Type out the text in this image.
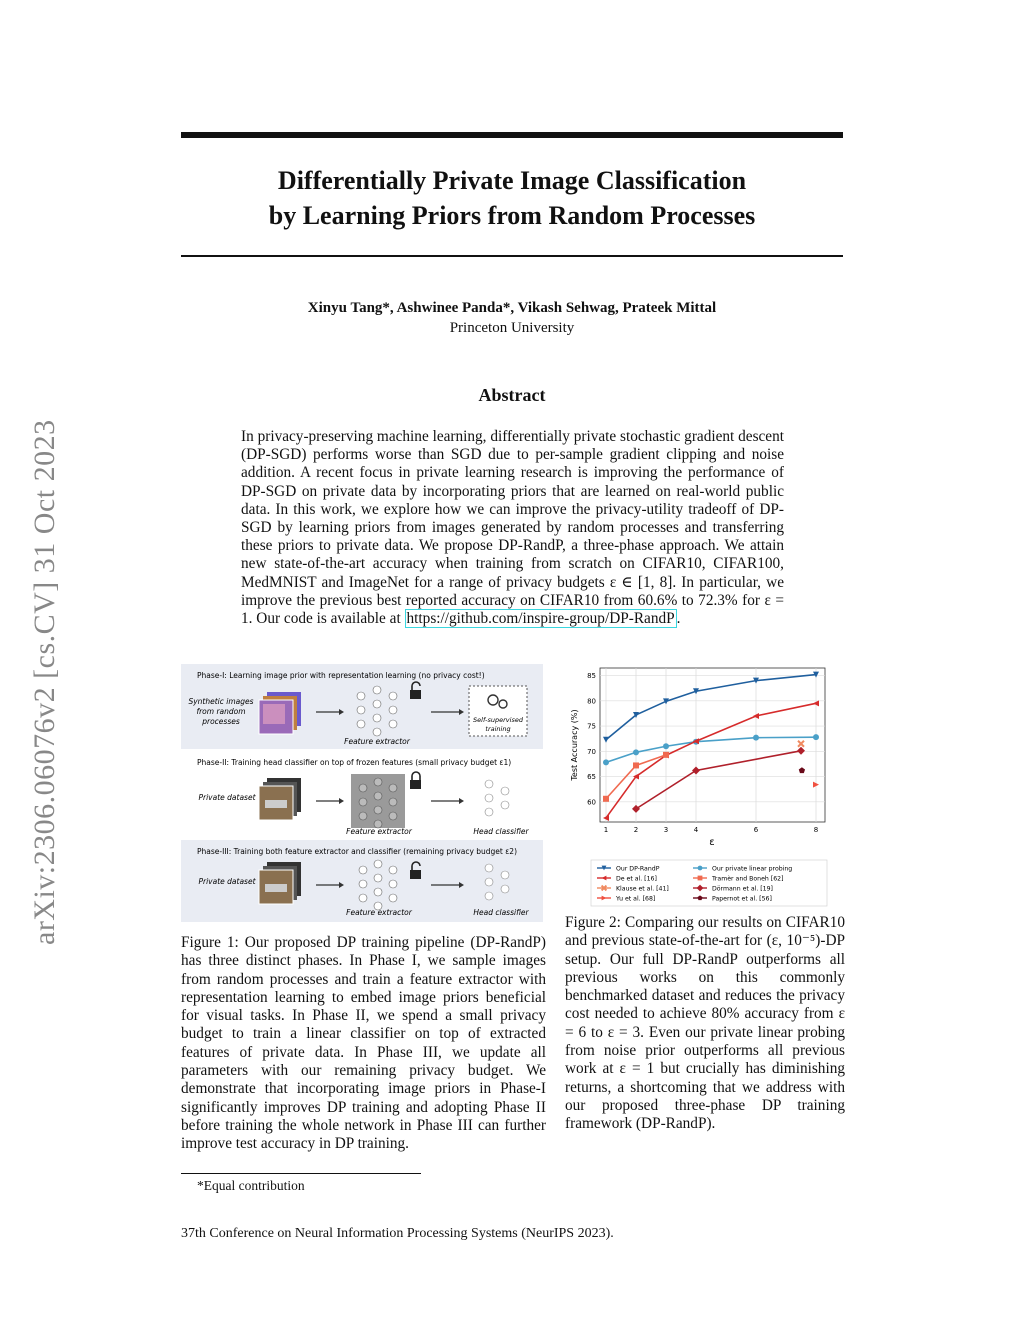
Differentially Private Image Classification
by Learning Priors from Random Processes
Xinyu Tang*, Ashwinee Panda*, Vikash Sehwag, Prateek Mittal
Princeton University
arXiv:2306.06076v2 [cs.CV] 31 Oct 2023
Abstract
In privacy-preserving machine learning, differentially private stochastic gradient descent (DP-SGD) performs worse than SGD due to per-sample gradient clipping and noise addition. A recent focus in private learning research is improving the performance of DP-SGD on private data by incorporating priors that are learned on real-world public data. In this work, we explore how we can improve the privacy-utility tradeoff of DP-SGD by learning priors from images generated by random processes and transferring these priors to private data. We propose DP-RandP, a three-phase approach. We attain new state-of-the-art accuracy when training from scratch on CIFAR10, CIFAR100, MedMNIST and ImageNet for a range of privacy budgets ε ∈ [1, 8]. In particular, we improve the previous best reported accuracy on CIFAR10 from 60.6% to 72.3% for ε = 1. Our code is available at https://github.com/inspire-group/DP-RandP .
Phase-I: Learning image prior with representation learning (no privacy cost!)
Synthetic images
from random
processes
Feature extractor
Self-supervised
training
Phase-II: Training head classifier on top of frozen features (small privacy budget ε1)
Private dataset
Feature extractor	Head classifier
Phase-III: Training both feature extractor and classifier (remaining privacy budget ε2)
Private dataset
Feature extractor	Head classifier
Figure 1: Our proposed DP training pipeline (DP-RandP) has three distinct phases. In Phase I, we sample images from random processes and train a feature extractor with representation learning to embed image priors beneficial for visual tasks. In Phase II, we spend a small privacy budget to train a linear classifier on top of extracted features of private data. In Phase III, we update all parameters with our remaining privacy budget. We demonstrate that incorporating image priors in Phase-I significantly improves DP training and adopting Phase II before training the whole network in Phase III can further improve test accuracy in DP training.
1	2	3	4	6	8
60
65
70
75
80
85
ε
Test Accuracy (%)
Our DP-RandP
De et al. [16]
Klause et al. [41]
Yu et al. [68]
Our private linear probing
Tramèr and Boneh [62]
Dörmann et al. [19]
Papernot et al. [56]
Figure 2: Comparing our results on CIFAR10 and previous state-of-the-art for (ε, 10⁻⁵)-DP setup. Our full DP-RandP outperforms all previous works on this commonly benchmarked dataset and reduces the privacy cost needed to achieve 80% accuracy from ε = 6 to ε = 3. Even our private linear probing from noise prior outperforms all previous work at ε = 1 but crucially has diminishing returns, a shortcoming that we address with our proposed three-phase DP training framework (DP-RandP).
*Equal contribution
37th Conference on Neural Information Processing Systems (NeurIPS 2023).
